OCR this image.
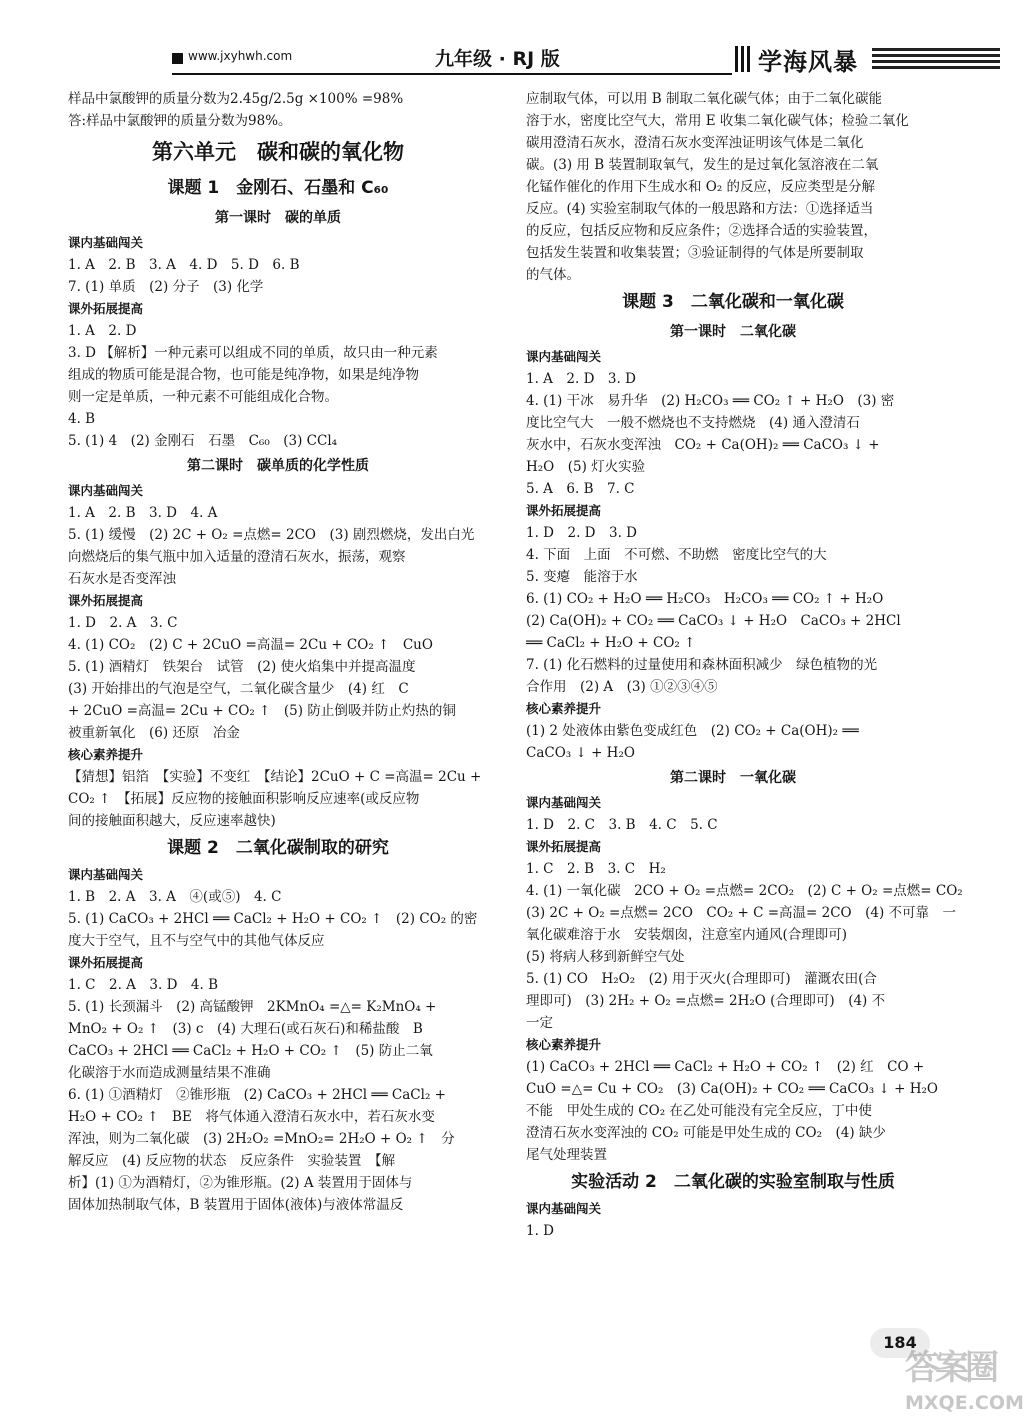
www.jxyhwh.com	九年级 · RJ 版	学海风暴
样品中氯酸钾的质量分数为2.45g/2.5g ×100% =98%
答:样品中氯酸钾的质量分数为98%。
第六单元　碳和碳的氧化物
课题 1　金刚石、石墨和 C₆₀
第一课时　碳的单质
课内基础闯关
1. A　2. B　3. A　4. D　5. D　6. B
7. (1) 单质　(2) 分子　(3) 化学
课外拓展提高
1. A　2. D
3. D 【解析】一种元素可以组成不同的单质，故只由一种元素
组成的物质可能是混合物，也可能是纯净物，如果是纯净物
则一定是单质，一种元素不可能组成化合物。
4. B
5. (1) 4　(2) 金刚石　石墨　C₆₀　(3) CCl₄
第二课时　碳单质的化学性质
课内基础闯关
1. A　2. B　3. D　4. A
5. (1) 缓慢　(2) 2C + O₂ =点燃= 2CO　(3) 剧烈燃烧，发出白光
向燃烧后的集气瓶中加入适量的澄清石灰水，振荡，观察
石灰水是否变浑浊
课外拓展提高
1. D　2. A　3. C
4. (1) CO₂　(2) C + 2CuO =高温= 2Cu + CO₂ ↑　CuO
5. (1) 酒精灯　铁架台　试管　(2) 使火焰集中并提高温度
(3) 开始排出的气泡是空气，二氧化碳含量少　(4) 红　C
+ 2CuO =高温= 2Cu + CO₂ ↑　(5) 防止倒吸并防止灼热的铜
被重新氧化　(6) 还原　冶金
核心素养提升
【猜想】铝箔　【实验】不变红　【结论】2CuO + C =高温= 2Cu +
CO₂ ↑　【拓展】反应物的接触面积影响反应速率(或反应物
间的接触面积越大，反应速率越快)
课题 2　二氧化碳制取的研究
课内基础闯关
1. B　2. A　3. A　④(或⑤)　4. C
5. (1) CaCO₃ + 2HCl ══ CaCl₂ + H₂O + CO₂ ↑　(2) CO₂ 的密
度大于空气，且不与空气中的其他气体反应
课外拓展提高
1. C　2. A　3. D　4. B
5. (1) 长颈漏斗　(2) 高锰酸钾　2KMnO₄ =△= K₂MnO₄ +
MnO₂ + O₂ ↑　(3) c　(4) 大理石(或石灰石)和稀盐酸　B
CaCO₃ + 2HCl ══ CaCl₂ + H₂O + CO₂ ↑　(5) 防止二氧
化碳溶于水而造成测量结果不准确
6. (1) ①酒精灯　②锥形瓶　(2) CaCO₃ + 2HCl ══ CaCl₂ +
H₂O + CO₂ ↑　BE　将气体通入澄清石灰水中，若石灰水变
浑浊，则为二氧化碳　(3) 2H₂O₂ =MnO₂= 2H₂O + O₂ ↑　分
解反应　(4) 反应物的状态　反应条件　实验装置　【解
析】(1) ①为酒精灯，②为锥形瓶。(2) A 装置用于固体与
固体加热制取气体，B 装置用于固体(液体)与液体常温反
应制取气体，可以用 B 制取二氧化碳气体；由于二氧化碳能
溶于水，密度比空气大，常用 E 收集二氧化碳气体；检验二氧化
碳用澄清石灰水，澄清石灰水变浑浊证明该气体是二氧化
碳。(3) 用 B 装置制取氧气，发生的是过氧化氢溶液在二氧
化锰作催化的作用下生成水和 O₂ 的反应，反应类型是分解
反应。(4) 实验室制取气体的一般思路和方法：①选择适当
的反应，包括反应物和反应条件；②选择合适的实验装置，
包括发生装置和收集装置；③验证制得的气体是所要制取
的气体。
课题 3　二氧化碳和一氧化碳
第一课时　二氧化碳
课内基础闯关
1. A　2. D　3. D
4. (1) 干冰　易升华　(2) H₂CO₃ ══ CO₂ ↑ + H₂O　(3) 密
度比空气大　一般不燃烧也不支持燃烧　(4) 通入澄清石
灰水中，石灰水变浑浊　CO₂ + Ca(OH)₂ ══ CaCO₃ ↓ +
H₂O　(5) 灯火实验
5. A　6. B　7. C
课外拓展提高
1. D　2. D　3. D
4. 下面　上面　不可燃、不助燃　密度比空气的大
5. 变瘪　能溶于水
6. (1) CO₂ + H₂O ══ H₂CO₃　H₂CO₃ ══ CO₂ ↑ + H₂O
(2) Ca(OH)₂ + CO₂ ══ CaCO₃ ↓ + H₂O　CaCO₃ + 2HCl
══ CaCl₂ + H₂O + CO₂ ↑
7. (1) 化石燃料的过量使用和森林面积减少　绿色植物的光
合作用　(2) A　(3) ①②③④⑤
核心素养提升
(1) 2 处液体由紫色变成红色　(2) CO₂ + Ca(OH)₂ ══
CaCO₃ ↓ + H₂O
第二课时　一氧化碳
课内基础闯关
1. D　2. C　3. B　4. C　5. C
课外拓展提高
1. C　2. B　3. C　H₂
4. (1) 一氧化碳　2CO + O₂ =点燃= 2CO₂　(2) C + O₂ =点燃= CO₂
(3) 2C + O₂ =点燃= 2CO　CO₂ + C =高温= 2CO　(4) 不可靠　一
氧化碳难溶于水　安装烟囱，注意室内通风(合理即可)
(5) 将病人移到新鲜空气处
5. (1) CO　H₂O₂　(2) 用于灭火(合理即可)　灌溉农田(合
理即可)　(3) 2H₂ + O₂ =点燃= 2H₂O (合理即可)　(4) 不
一定
核心素养提升
(1) CaCO₃ + 2HCl ══ CaCl₂ + H₂O + CO₂ ↑　(2) 红　CO +
CuO =△= Cu + CO₂　(3) Ca(OH)₂ + CO₂ ══ CaCO₃ ↓ + H₂O
不能　甲处生成的 CO₂ 在乙处可能没有完全反应，丁中使
澄清石灰水变浑浊的 CO₂ 可能是甲处生成的 CO₂　(4) 缺少
尾气处理装置
实验活动 2　二氧化碳的实验室制取与性质
课内基础闯关
1. D
184
答案圈
MXQE.COM
